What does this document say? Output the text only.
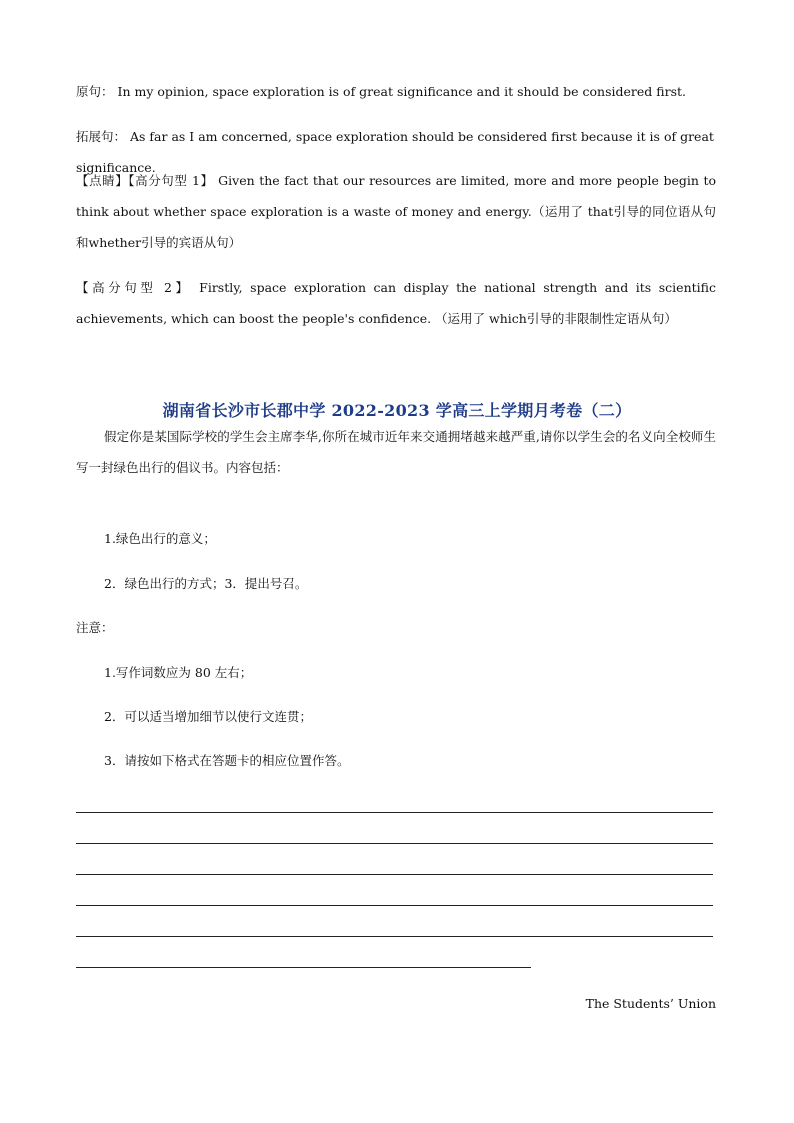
原句： In my opinion, space exploration is of great significance and it should be considered first.

拓展句： As far as I am concerned, space exploration should be considered first because it is of great significance.

【点睛】【高分句型 1】 Given the fact that our resources are limited, more and more people begin to think about whether space exploration is a waste of money and energy.（运用了 that引导的同位语从句和whether引导的宾语从句）

【高分句型 2】 Firstly, space exploration can display the national strength and its scientific achievements, which can boost the people's confidence. （运用了 which引导的非限制性定语从句）

湖南省长沙市长郡中学 2022-2023 学高三上学期月考卷（二）

假定你是某国际学校的学生会主席李华,你所在城市近年来交通拥堵越来越严重,请你以学生会的名义向全校师生写一封绿色出行的倡议书。内容包括：

1.绿色出行的意义；

2．绿色出行的方式；3．提出号召。

注意：

1.写作词数应为 80 左右；

2．可以适当增加细节以使行文连贯；

3．请按如下格式在答题卡的相应位置作答。

The Students’ Union
